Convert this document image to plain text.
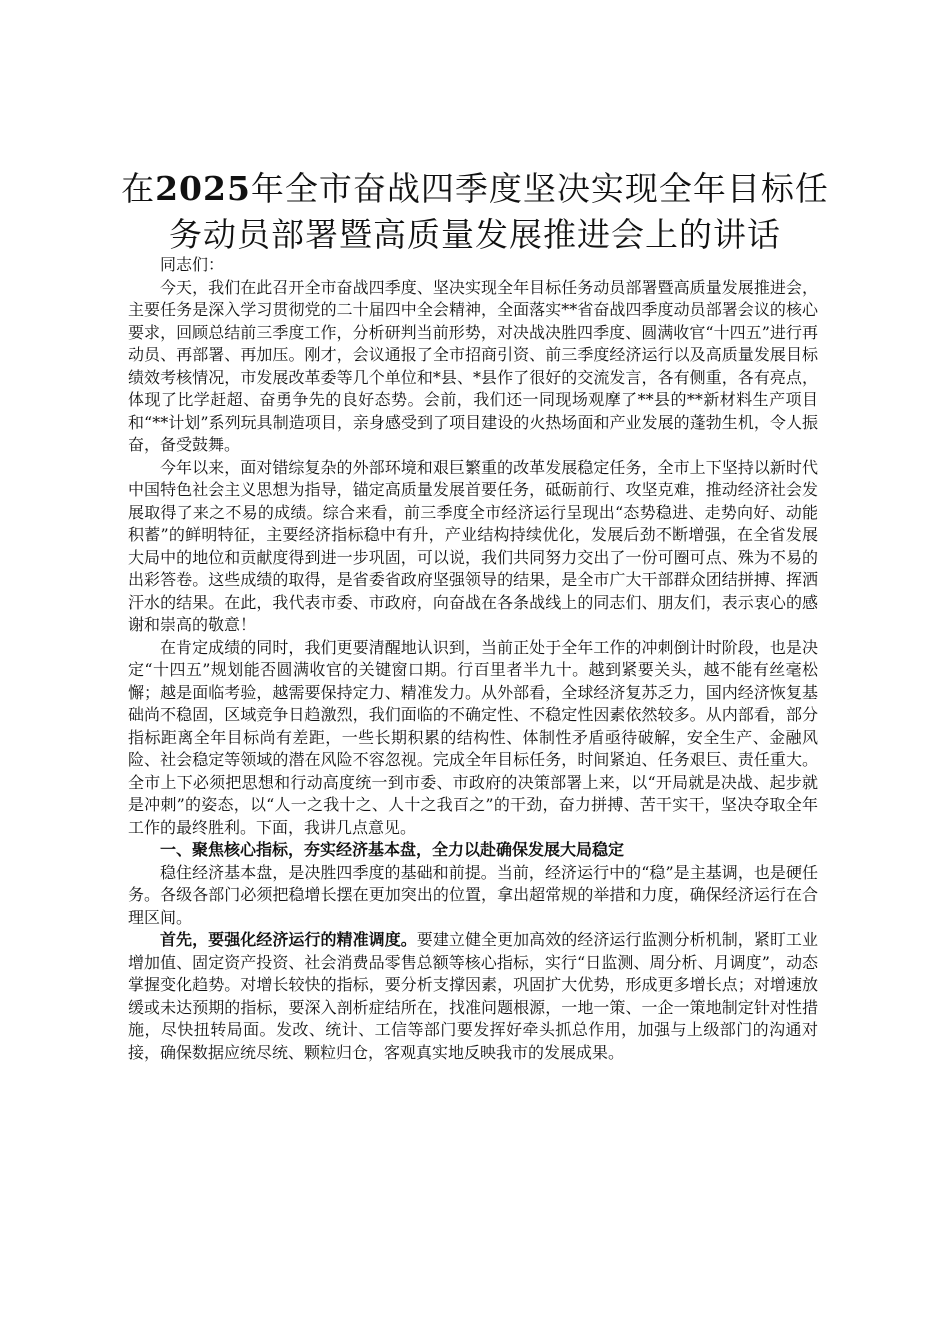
在2025年全市奋战四季度坚决实现全年目标任务动员部署暨高质量发展推进会上的讲话

同志们：

今天，我们在此召开全市奋战四季度、坚决实现全年目标任务动员部署暨高质量发展推进会，主要任务是深入学习贯彻党的二十届四中全会精神，全面落实**省奋战四季度动员部署会议的核心要求，回顾总结前三季度工作，分析研判当前形势，对决战决胜四季度、圆满收官“十四五”进行再动员、再部署、再加压。刚才，会议通报了全市招商引资、前三季度经济运行以及高质量发展目标绩效考核情况，市发展改革委等几个单位和*县、*县作了很好的交流发言，各有侧重，各有亮点，体现了比学赶超、奋勇争先的良好态势。会前，我们还一同现场观摩了**县的**新材料生产项目和“**计划”系列玩具制造项目，亲身感受到了项目建设的火热场面和产业发展的蓬勃生机，令人振奋，备受鼓舞。

今年以来，面对错综复杂的外部环境和艰巨繁重的改革发展稳定任务，全市上下坚持以新时代中国特色社会主义思想为指导，锚定高质量发展首要任务，砥砺前行、攻坚克难，推动经济社会发展取得了来之不易的成绩。综合来看，前三季度全市经济运行呈现出“态势稳进、走势向好、动能积蓄”的鲜明特征，主要经济指标稳中有升，产业结构持续优化，发展后劲不断增强，在全省发展大局中的地位和贡献度得到进一步巩固，可以说，我们共同努力交出了一份可圈可点、殊为不易的出彩答卷。这些成绩的取得，是省委省政府坚强领导的结果，是全市广大干部群众团结拼搏、挥洒汗水的结果。在此，我代表市委、市政府，向奋战在各条战线上的同志们、朋友们，表示衷心的感谢和崇高的敬意！

在肯定成绩的同时，我们更要清醒地认识到，当前正处于全年工作的冲刺倒计时阶段，也是决定“十四五”规划能否圆满收官的关键窗口期。行百里者半九十。越到紧要关头，越不能有丝毫松懈；越是面临考验，越需要保持定力、精准发力。从外部看，全球经济复苏乏力，国内经济恢复基础尚不稳固，区域竞争日趋激烈，我们面临的不确定性、不稳定性因素依然较多。从内部看，部分指标距离全年目标尚有差距，一些长期积累的结构性、体制性矛盾亟待破解，安全生产、金融风险、社会稳定等领域的潜在风险不容忽视。完成全年目标任务，时间紧迫、任务艰巨、责任重大。全市上下必须把思想和行动高度统一到市委、市政府的决策部署上来，以“开局就是决战、起步就是冲刺”的姿态，以“人一之我十之、人十之我百之”的干劲，奋力拼搏、苦干实干，坚决夺取全年工作的最终胜利。下面，我讲几点意见。

一、聚焦核心指标，夯实经济基本盘，全力以赴确保发展大局稳定

稳住经济基本盘，是决胜四季度的基础和前提。当前，经济运行中的“稳”是主基调，也是硬任务。各级各部门必须把稳增长摆在更加突出的位置，拿出超常规的举措和力度，确保经济运行在合理区间。

首先，要强化经济运行的精准调度。要建立健全更加高效的经济运行监测分析机制，紧盯工业增加值、固定资产投资、社会消费品零售总额等核心指标，实行“日监测、周分析、月调度”，动态掌握变化趋势。对增长较快的指标，要分析支撑因素，巩固扩大优势，形成更多增长点；对增速放缓或未达预期的指标，要深入剖析症结所在，找准问题根源，一地一策、一企一策地制定针对性措施，尽快扭转局面。发改、统计、工信等部门要发挥好牵头抓总作用，加强与上级部门的沟通对接，确保数据应统尽统、颗粒归仓，客观真实地反映我市的发展成果。
